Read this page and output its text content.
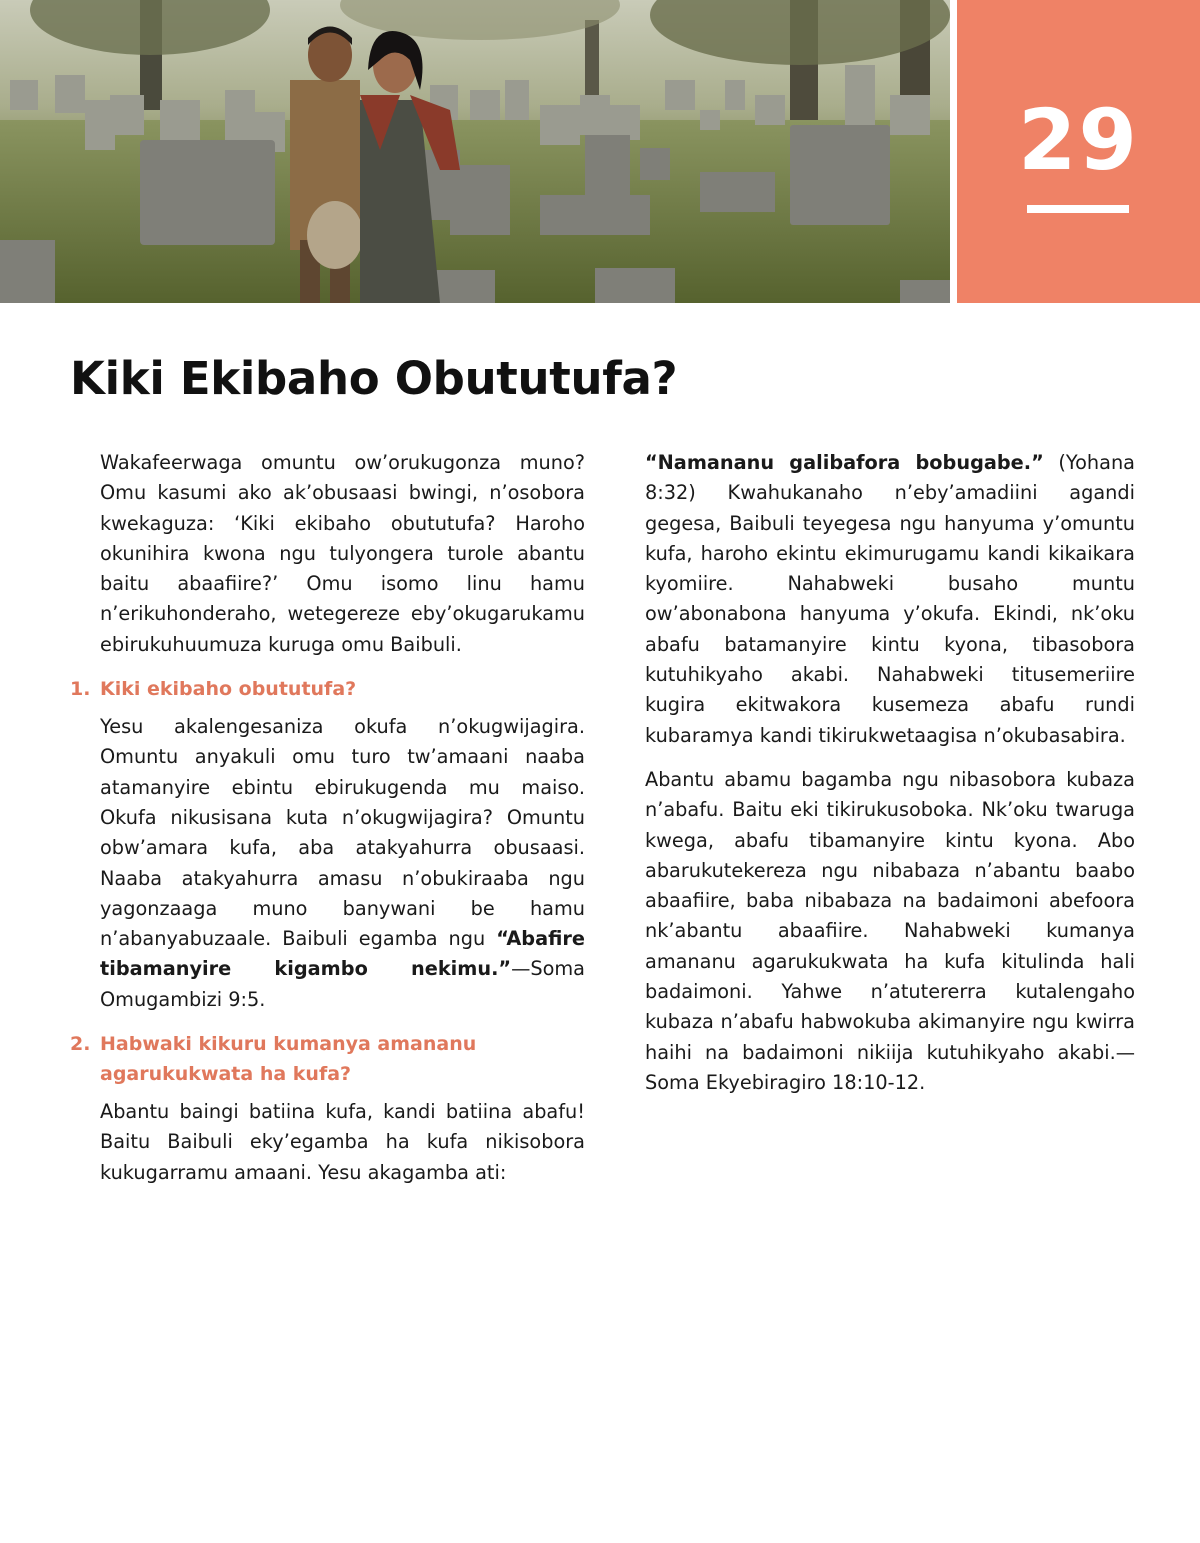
29
Kiki Ekibaho Obututufa?

Wakafeerwaga omuntu ow’orukugonza muno? Omu kasumi ako ak’obusaasi bwingi, n’osobora kwekaguza: ‘Kiki ekibaho obututufa? Haroho okunihira kwona ngu tulyongera turole abantu baitu abaafiire?’ Omu isomo linu hamu n’erikuhonderaho, wetegereze eby’okugarukamu ebirukuhuumuza kuruga omu Baibuli.

1. Kiki ekibaho obututufa?

Yesu akalengesaniza okufa n’okugwijagira. Omuntu anyakuli omu turo tw’amaani naaba atamanyire ebintu ebirukugenda mu maiso. Okufa nikusisana kuta n’okugwijagira? Omuntu obw’amara kufa, aba atakyahurra obusaasi. Naaba atakyahurra amasu n’obukiraaba ngu yagonzaaga muno banywani be hamu n’abanyabuzaale. Baibuli egamba ngu “Abafire tibamanyire kigambo nekimu.”—Soma Omugambizi 9:5.

2. Habwaki kikuru kumanya amananu agarukukwata ha kufa?

Abantu baingi batiina kufa, kandi batiina abafu! Baitu Baibuli eky’egamba ha kufa nikisobora kukugarramu amaani. Yesu akagamba ati:

“Namananu galibafora bobugabe.” (Yohana 8:32) Kwahukanaho n’eby’amadiini agandi gegesa, Baibuli teyegesa ngu hanyuma y’omuntu kufa, haroho ekintu ekimurugamu kandi kikaikara kyomiire. Nahabweki busaho muntu ow’abonabona hanyuma y’okufa. Ekindi, nk’oku abafu batamanyire kintu kyona, tibasobora kutuhikyaho akabi. Nahabweki titusemeriire kugira ekitwakora kusemeza abafu rundi kubaramya kandi tikirukwetaagisa n’okubasabira.

Abantu abamu bagamba ngu nibasobora kubaza n’abafu. Baitu eki tikirukusoboka. Nk’oku twaruga kwega, abafu tibamanyire kintu kyona. Abo abarukutekereza ngu nibabaza n’abantu baabo abaafiire, baba nibabaza na badaimoni abefoora nk’abantu abaafiire. Nahabweki kumanya amananu agarukukwata ha kufa kitulinda hali badaimoni. Yahwe n’atutererra kutalengaho kubaza n’abafu habwokuba akimanyire ngu kwirra haihi na badaimoni nikiija kutuhikyaho akabi.—Soma Ekyebiragiro 18:10-12.
